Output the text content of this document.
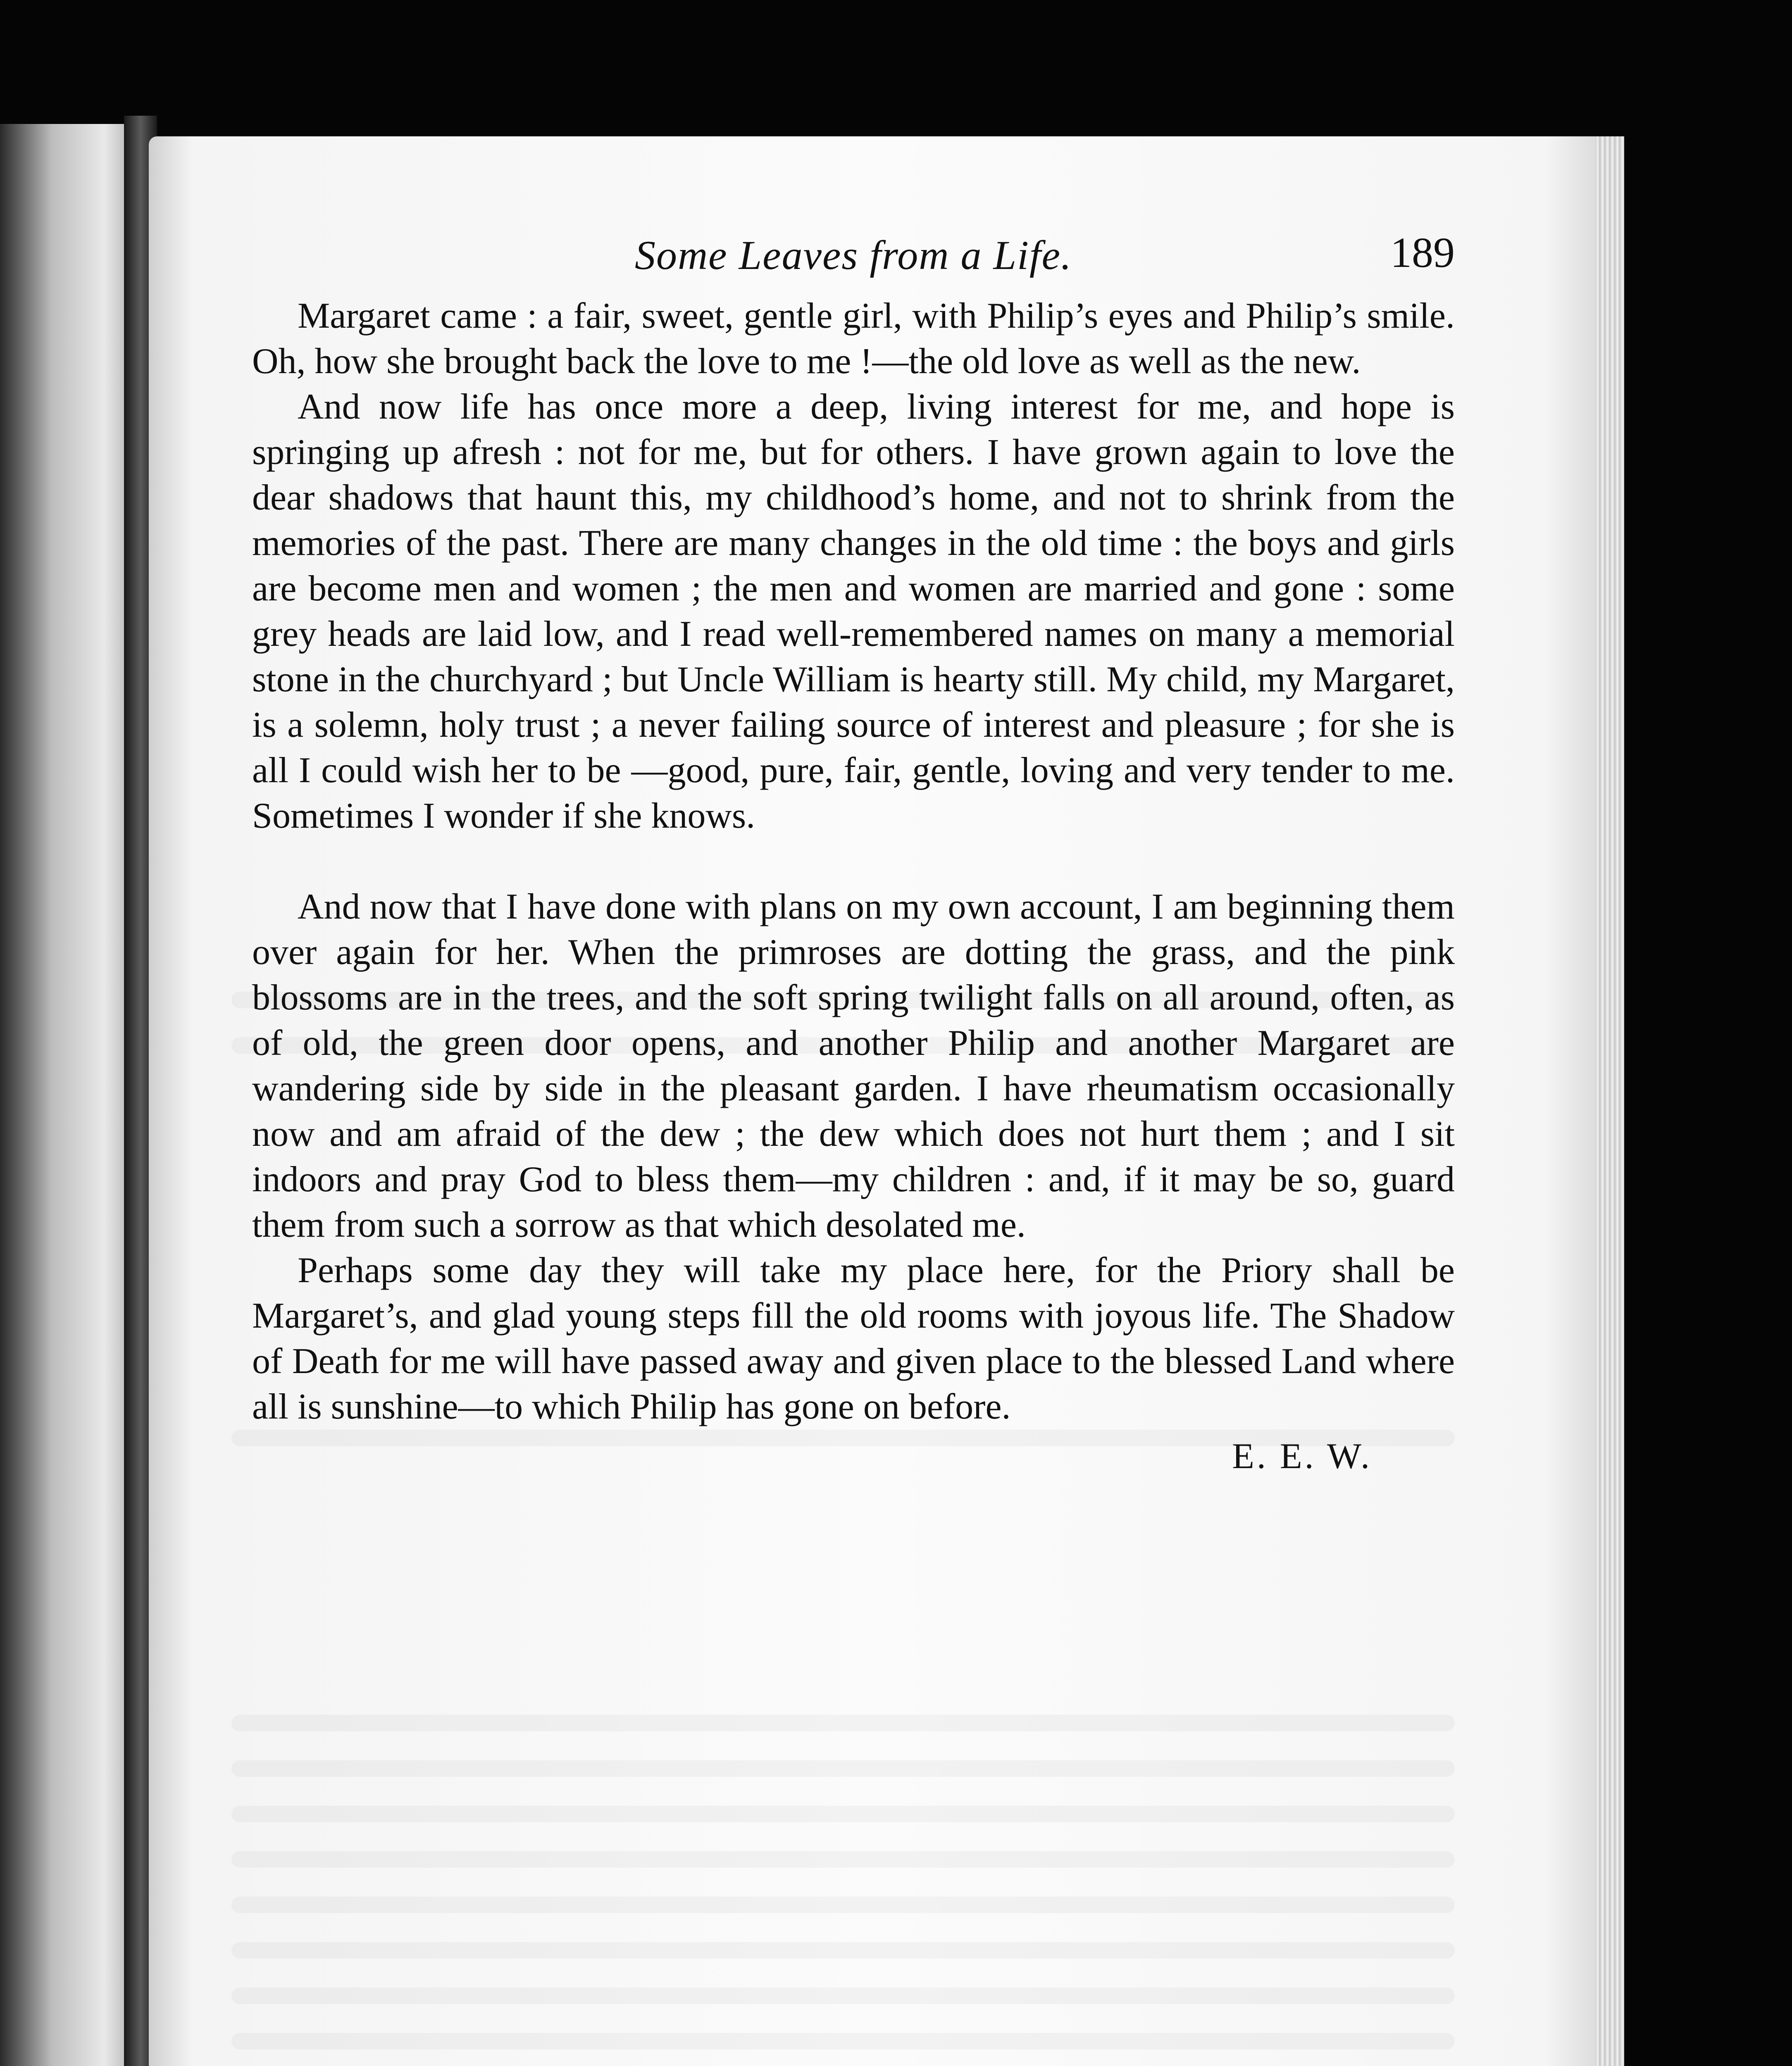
Some Leaves from a Life.	189

Margaret came : a fair, sweet, gentle girl, with Philip’s eyes and Philip’s smile. Oh, how she brought back the love to me !—the old love as well as the new.

And now life has once more a deep, living interest for me, and hope is springing up afresh : not for me, but for others. I have grown again to love the dear shadows that haunt this, my childhood’s home, and not to shrink from the memories of the past. There are many changes in the old time : the boys and girls are become men and women ; the men and women are married and gone : some grey heads are laid low, and I read well-remembered names on many a memorial stone in the churchyard ; but Uncle William is hearty still. My child, my Margaret, is a solemn, holy trust ; a never failing source of interest and pleasure ; for she is all I could wish her to be —good, pure, fair, gentle, loving and very tender to me. Sometimes I wonder if she knows.

And now that I have done with plans on my own account, I am beginning them over again for her. When the primroses are dotting the grass, and the pink blossoms are in the trees, and the soft spring twilight falls on all around, often, as of old, the green door opens, and another Philip and another Margaret are wandering side by side in the pleasant garden. I have rheumatism occasionally now and am afraid of the dew ; the dew which does not hurt them ; and I sit indoors and pray God to bless them—my children : and, if it may be so, guard them from such a sorrow as that which desolated me.

Perhaps some day they will take my place here, for the Priory shall be Margaret’s, and glad young steps fill the old rooms with joyous life. The Shadow of Death for me will have passed away and given place to the blessed Land where all is sunshine—to which Philip has gone on before.

E. E. W.
